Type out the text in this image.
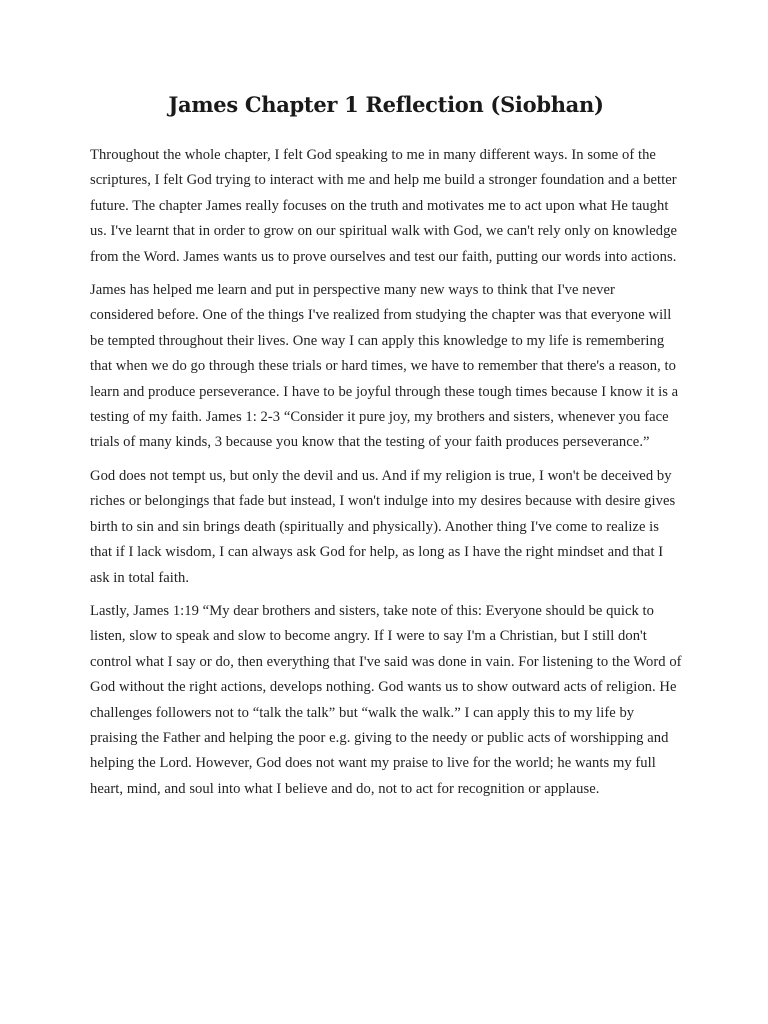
James Chapter 1 Reflection (Siobhan)

Throughout the whole chapter, I felt God speaking to me in many different ways. In some of the scriptures, I felt God trying to interact with me and help me build a stronger foundation and a better future. The chapter James really focuses on the truth and motivates me to act upon what He taught us. I've learnt that in order to grow on our spiritual walk with God, we can't rely only on knowledge from the Word. James wants us to prove ourselves and test our faith, putting our words into actions.

James has helped me learn and put in perspective many new ways to think that I've never considered before. One of the things I've realized from studying the chapter was that everyone will be tempted throughout their lives. One way I can apply this knowledge to my life is remembering that when we do go through these trials or hard times, we have to remember that there's a reason, to learn and produce perseverance. I have to be joyful through these tough times because I know it is a testing of my faith. James 1: 2-3 “Consider it pure joy, my brothers and sisters, whenever you face trials of many kinds, 3 because you know that the testing of your faith produces perseverance.”

God does not tempt us, but only the devil and us. And if my religion is true, I won't be deceived by riches or belongings that fade but instead, I won't indulge into my desires because with desire gives birth to sin and sin brings death (spiritually and physically). Another thing I've come to realize is that if I lack wisdom, I can always ask God for help, as long as I have the right mindset and that I ask in total faith.

Lastly, James 1:19 “My dear brothers and sisters, take note of this: Everyone should be quick to listen, slow to speak and slow to become angry. If I were to say I'm a Christian, but I still don't control what I say or do, then everything that I've said was done in vain. For listening to the Word of God without the right actions, develops nothing. God wants us to show outward acts of religion. He challenges followers not to “talk the talk” but “walk the walk.” I can apply this to my life by praising the Father and helping the poor e.g. giving to the needy or public acts of worshipping and helping the Lord. However, God does not want my praise to live for the world; he wants my full heart, mind, and soul into what I believe and do, not to act for recognition or applause.
